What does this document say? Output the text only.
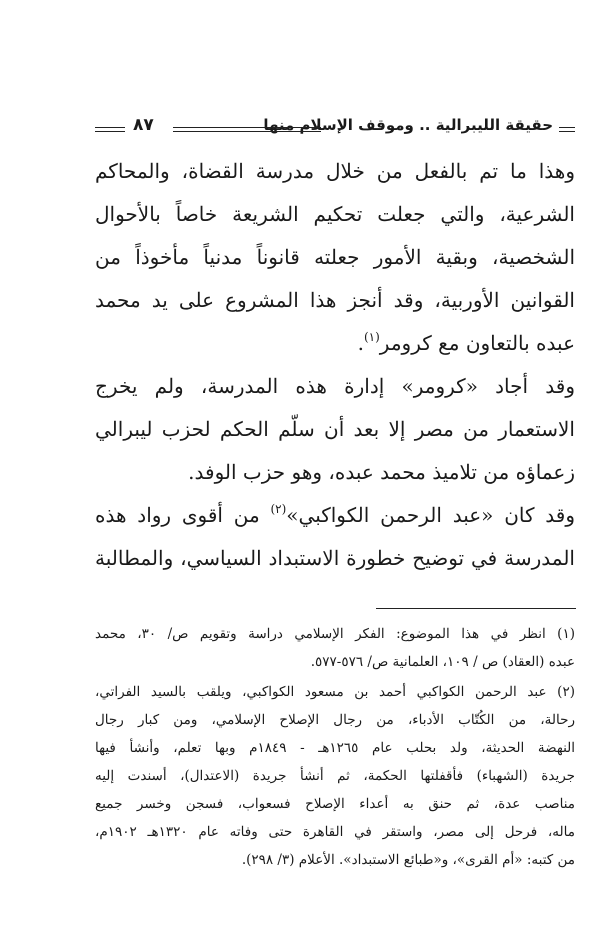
حقيقة الليبرالية .. وموقف الإسلام منها
٨٧
وهذا ما تم بالفعل من خلال مدرسة القضاة، والمحاكم
الشرعية، والتي جعلت تحكيم الشريعة خاصاً بالأحوال
الشخصية، وبقية الأمور جعلته قانوناً مدنياً مأخوذاً من
القوانين الأوربية، وقد أنجز هذا المشروع على يد محمد
عبده بالتعاون مع كرومر$^{(١)}$.
وقد أجاد «كرومر» إدارة هذه المدرسة، ولم يخرج
الاستعمار من مصر إلا بعد أن سلّم الحكم لحزب ليبرالي
زعماؤه من تلاميذ محمد عبده، وهو حزب الوفد.
وقد كان «عبد الرحمن الكواكبي»$^{(٢)}$ من أقوى رواد هذه
المدرسة في توضيح خطورة الاستبداد السياسي، والمطالبة
(١) انظر في هذا الموضوع: الفكر الإسلامي دراسة وتقويم ص/ ٣٠، محمد
عبده (العقاد) ص / ١٠٩، العلمانية ص/ ٥٧٦-٥٧٧.
(٢) عبد الرحمن الكواكبي أحمد بن مسعود الكواكبي، ويلقب بالسيد الفراتي،
رحالة، من الكُتّاب الأدباء، من رجال الإصلاح الإسلامي، ومن كبار رجال
النهضة الحديثة، ولد بحلب عام ١٢٦٥هـ - ١٨٤٩م وبها تعلم، وأنشأ فيها
جريدة (الشهباء) فأقفلتها الحكمة، ثم أنشأ جريدة (الاعتدال)، أسندت إليه
مناصب عدة، ثم حنق به أعداء الإصلاح فسعواب، فسجن وخسر جميع
ماله، فرحل إلى مصر، واستقر في القاهرة حتى وفاته عام ١٣٢٠هـ ١٩٠٢م،
من كتبه: «أم القرى»، و«طبائع الاستبداد». الأعلام (٣/ ٢٩٨).
